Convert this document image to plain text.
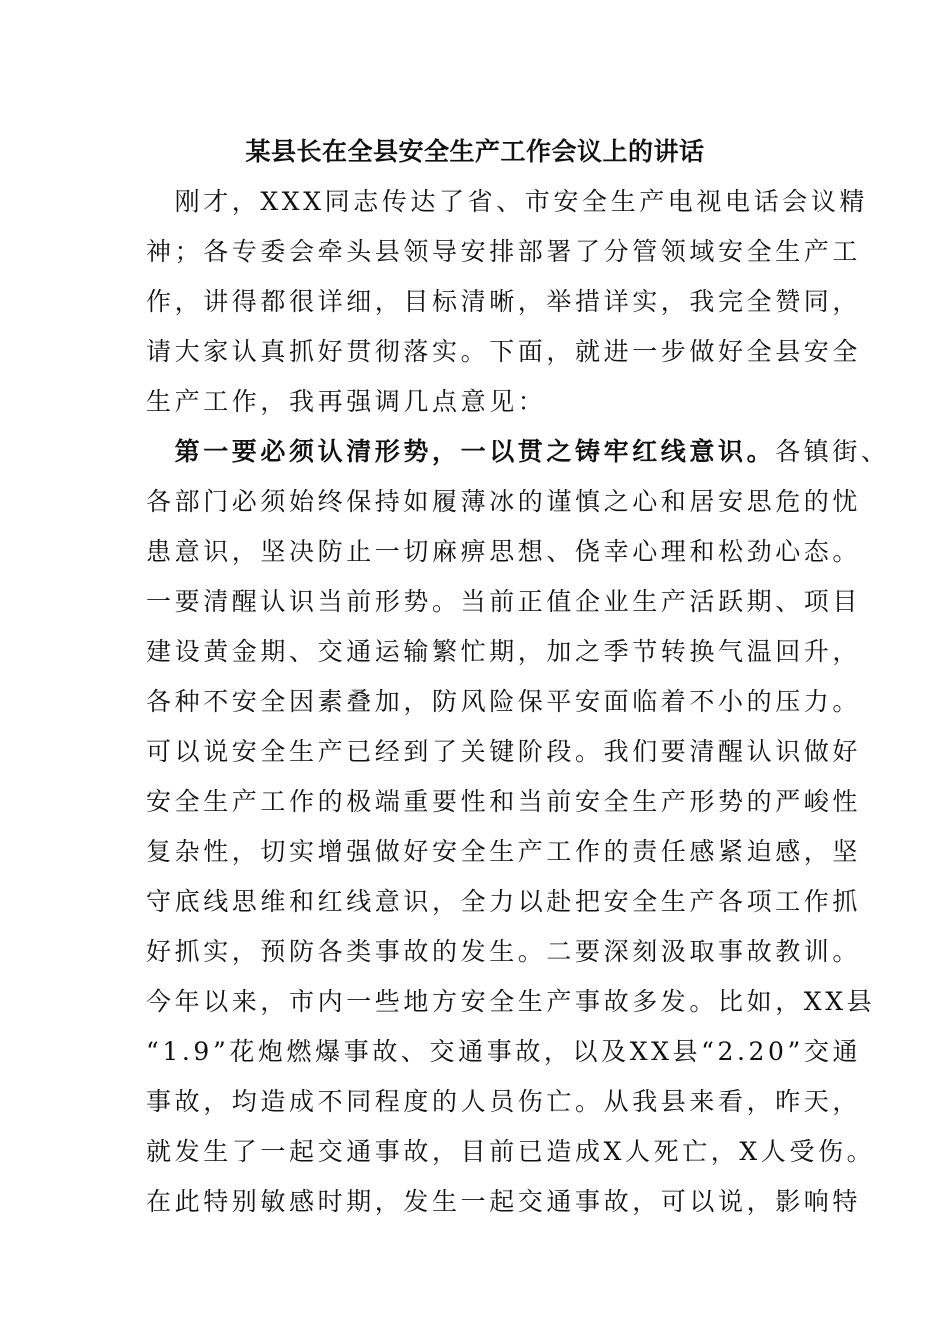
某县长在全县安全生产工作会议上的讲话
　刚才，XXX同志传达了省、市安全生产电视电话会议精
神；各专委会牵头县领导安排部署了分管领域安全生产工
作，讲得都很详细，目标清晰，举措详实，我完全赞同，
请大家认真抓好贯彻落实。下面，就进一步做好全县安全
生产工作，我再强调几点意见：
　第一要必须认清形势，一以贯之铸牢红线意识。各镇街、
各部门必须始终保持如履薄冰的谨慎之心和居安思危的忧
患意识，坚决防止一切麻痹思想、侥幸心理和松劲心态。
一要清醒认识当前形势。当前正值企业生产活跃期、项目
建设黄金期、交通运输繁忙期，加之季节转换气温回升，
各种不安全因素叠加，防风险保平安面临着不小的压力。
可以说安全生产已经到了关键阶段。我们要清醒认识做好
安全生产工作的极端重要性和当前安全生产形势的严峻性
复杂性，切实增强做好安全生产工作的责任感紧迫感，坚
守底线思维和红线意识，全力以赴把安全生产各项工作抓
好抓实，预防各类事故的发生。二要深刻汲取事故教训。
今年以来，市内一些地方安全生产事故多发。比如，XX县
“1.9”花炮燃爆事故、交通事故，以及XX县“2.20”交通
事故，均造成不同程度的人员伤亡。从我县来看，昨天，
就发生了一起交通事故，目前已造成X人死亡，X人受伤。
在此特别敏感时期，发生一起交通事故，可以说，影响特
